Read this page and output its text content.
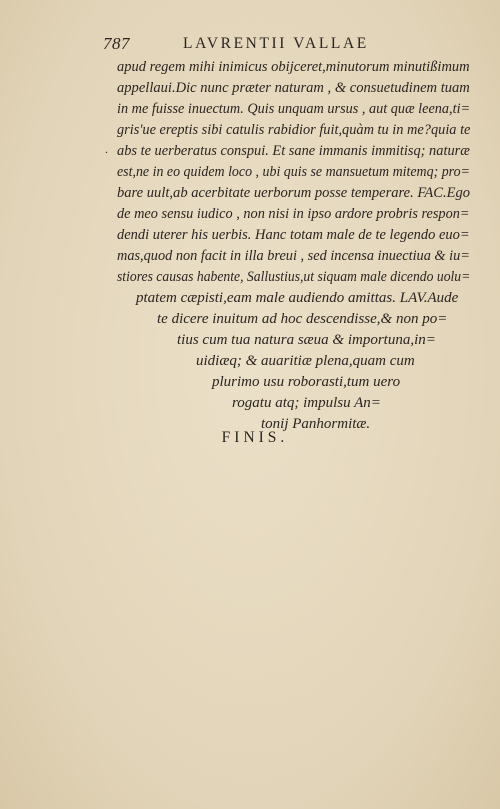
787	LAVRENTII VALLAE
.
apud regem mihi inimicus obijceret,minutorum minutißimum
appellaui.Dic nunc præter naturam , & consuetudinem tuam
in me fuisse inuectum. Quis unquam ursus , aut quæ leena,ti=
gris'ue ereptis sibi catulis rabidior fuit,quàm tu in me?quia te
abs te uerberatus conspui. Et sane immanis immitisq; naturæ
est,ne in eo quidem loco , ubi quis se mansuetum mitemq; pro=
bare uult,ab acerbitate uerborum posse temperare. FAC.Ego
de meo sensu iudico , non nisi in ipso ardore probris respon=
dendi uterer his uerbis. Hanc totam male de te legendo euo=
mas,quod non facit in illa breui , sed incensa inuectiua & iu=
stiores causas habente, Sallustius,ut siquam male dicendo uolu=
ptatem cæpisti,eam male audiendo amittas. LAV.Aude
te dicere inuitum ad hoc descendisse,& non po=
tius cum tua natura sæua & importuna,in=
uidiæq; & auaritiæ plena,quam cum
plurimo usu roborasti,tum uero
rogatu atq; impulsu An=
tonij Panhormitæ.
FINIS.
